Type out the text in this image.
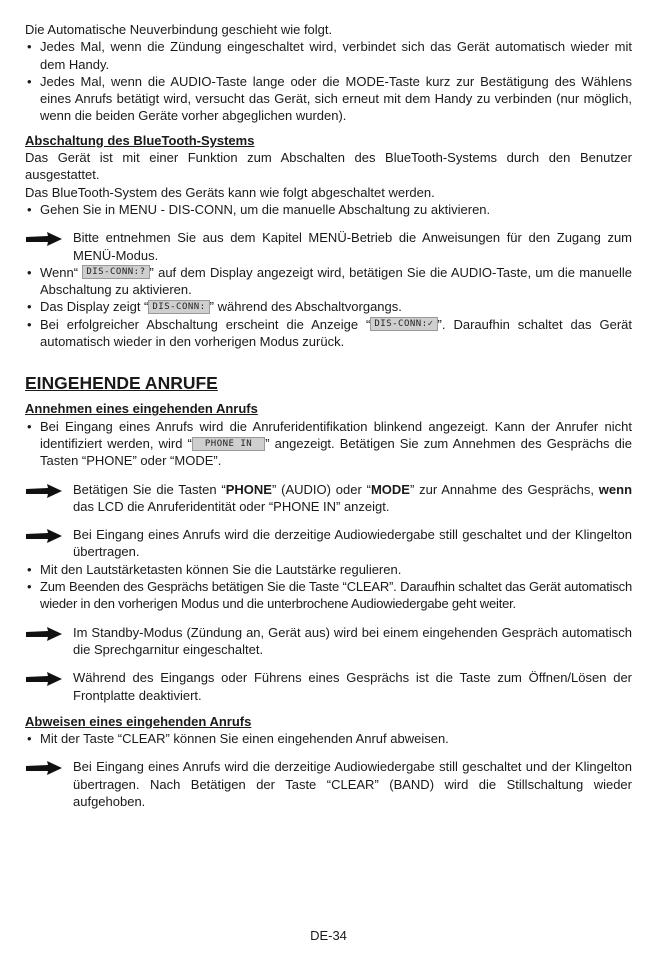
Die Automatische Neuverbindung geschieht wie folgt.

• Jedes Mal, wenn die Zündung eingeschaltet wird, verbindet sich das Gerät automatisch wieder mit dem Handy.
• Jedes Mal, wenn die AUDIO-Taste lange oder die MODE-Taste kurz zur Bestätigung des Wählens eines Anrufs betätigt wird, versucht das Gerät, sich erneut mit dem Handy zu verbinden (nur möglich, wenn die beiden Geräte vorher abgeglichen wurden).
Abschaltung des BlueTooth-Systems

Das Gerät ist mit einer Funktion zum Abschalten des BlueTooth-Systems durch den Benutzer ausgestattet.

Das BlueTooth-System des Geräts kann wie folgt abgeschaltet werden.

• Gehen Sie in MENU - DIS-CONN, um die manuelle Abschaltung zu aktivieren.
Bitte entnehmen Sie aus dem Kapitel MENÜ-Betrieb die Anweisungen für den Zugang zum MENÜ-Modus.
• Wenn“ DIS-CONN:? ” auf dem Display angezeigt wird, betätigen Sie die AUDIO-Taste, um die manuelle Abschaltung zu aktivieren.
• Das Display zeigt “ DIS-CONN: ” während des Abschaltvorgangs.
• Bei erfolgreicher Abschaltung erscheint die Anzeige “ DIS-CONN:✓ ”. Daraufhin schaltet das Gerät automatisch wieder in den vorherigen Modus zurück.
EINGEHENDE ANRUFE
Annehmen eines eingehenden Anrufs
• Bei Eingang eines Anrufs wird die Anruferidentifikation blinkend angezeigt. Kann der Anrufer nicht identifiziert werden, wird “ PHONE IN ” angezeigt. Betätigen Sie zum Annehmen des Gesprächs die Tasten “PHONE” oder “MODE”.
Betätigen Sie die Tasten “PHONE” (AUDIO) oder “MODE” zur Annahme des Gesprächs, wenn das LCD die Anruferidentität oder “PHONE IN” anzeigt.
Bei Eingang eines Anrufs wird die derzeitige Audiowiedergabe still geschaltet und der Klingelton übertragen.
• Mit den Lautstärketasten können Sie die Lautstärke regulieren.
• Zum Beenden des Gesprächs betätigen Sie die Taste “CLEAR”. Daraufhin schaltet das Gerät automatisch wieder in den vorherigen Modus und die unterbrochene Audiowiedergabe geht weiter.
Im Standby-Modus (Zündung an, Gerät aus) wird bei einem eingehenden Gespräch automatisch die Sprechgarnitur eingeschaltet.
Während des Eingangs oder Führens eines Gesprächs ist die Taste zum Öffnen/Lösen der Frontplatte deaktiviert.
Abweisen eines eingehenden Anrufs
• Mit der Taste “CLEAR” können Sie einen eingehenden Anruf abweisen.
Bei Eingang eines Anrufs wird die derzeitige Audiowiedergabe still geschaltet und der Klingelton übertragen. Nach Betätigen der Taste “CLEAR” (BAND) wird die Stillschaltung wieder aufgehoben.
DE-34
